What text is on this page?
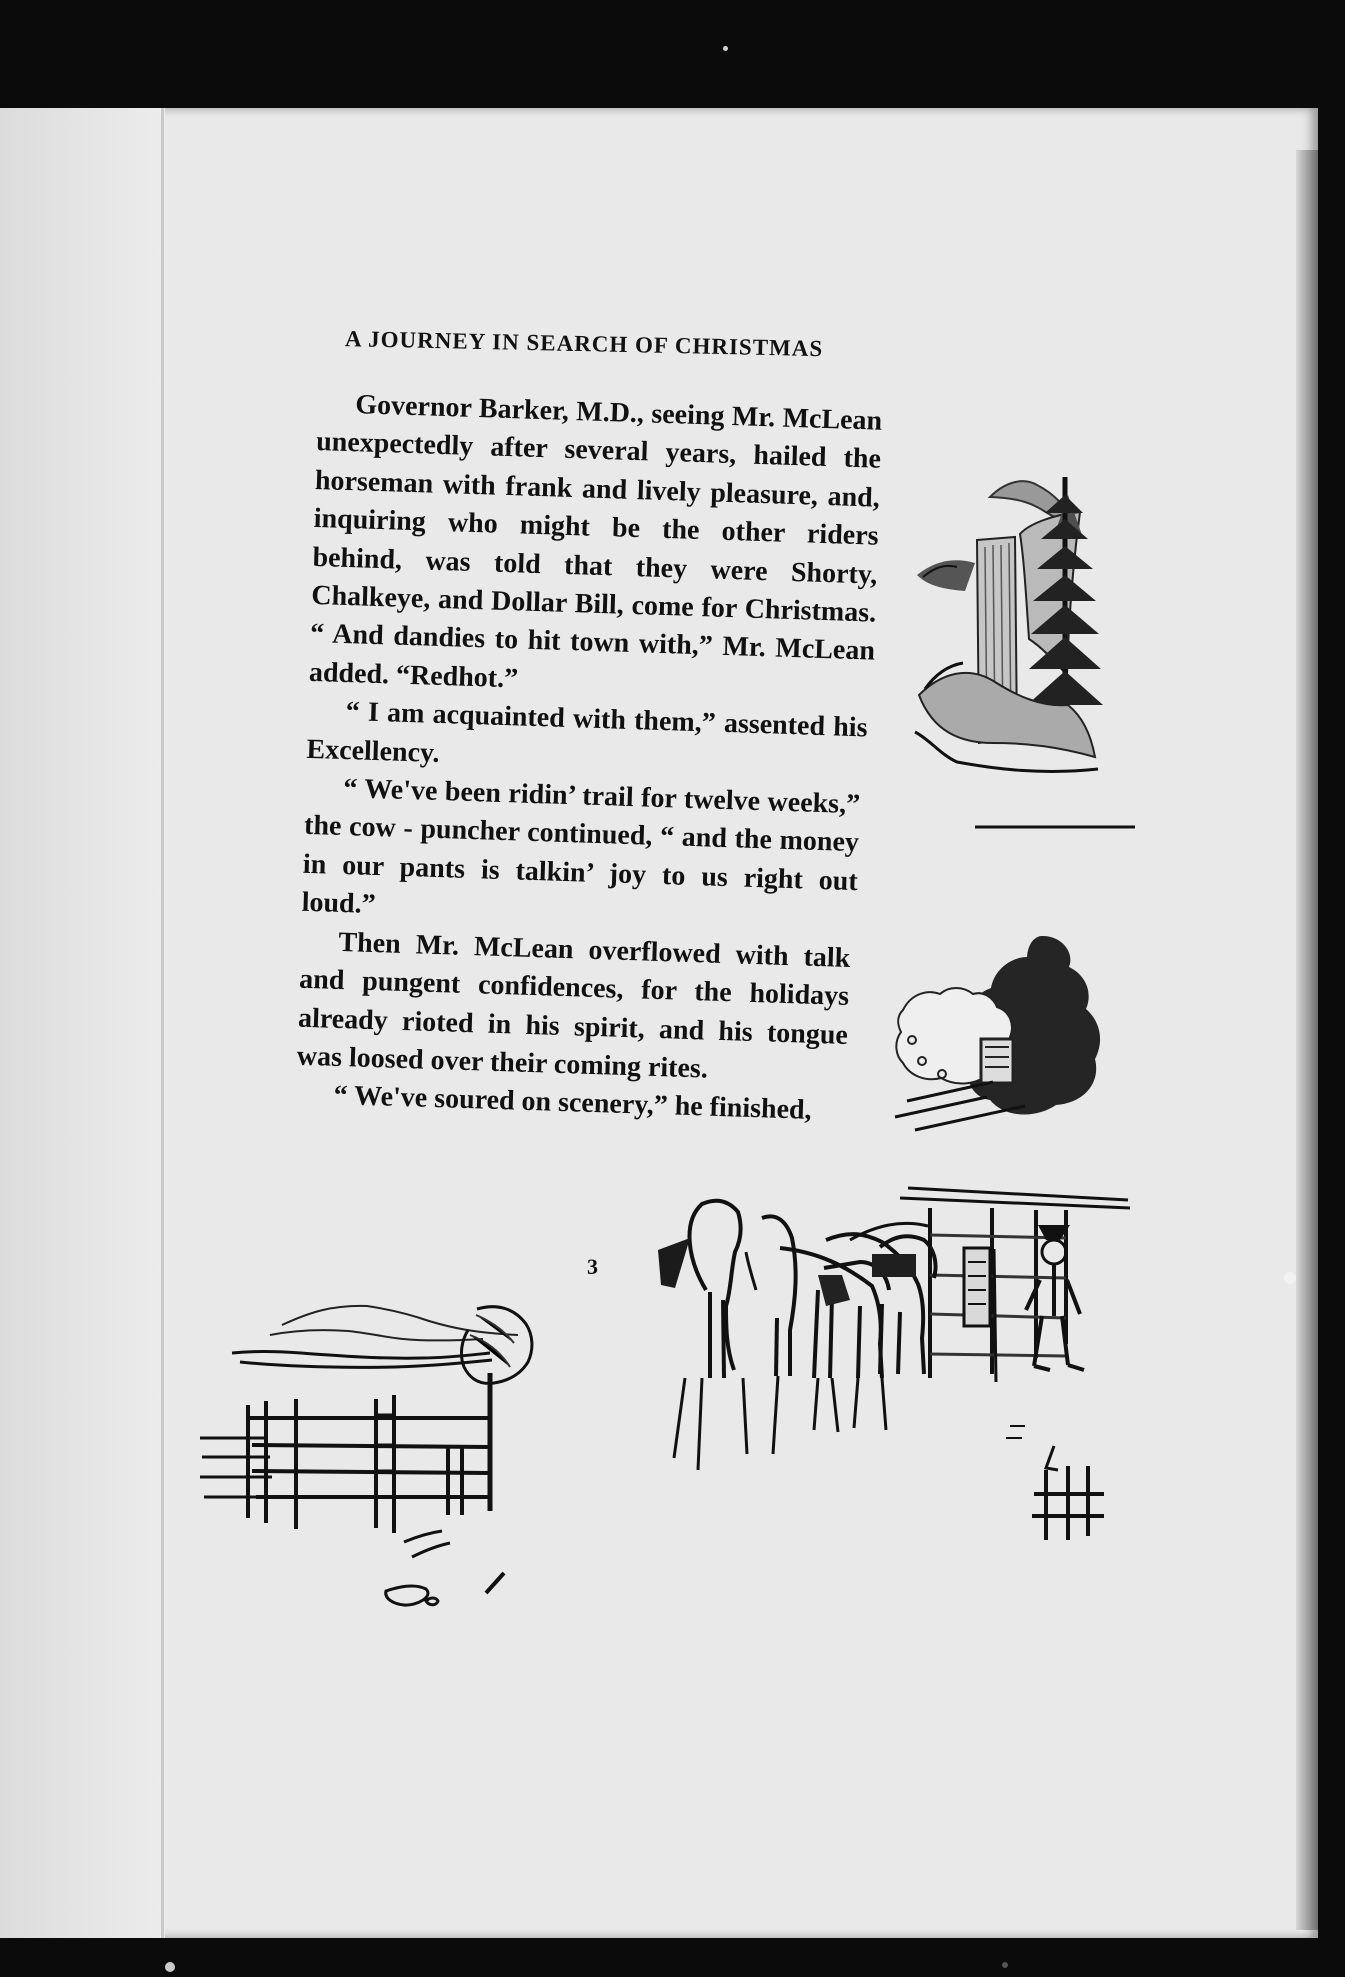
A JOURNEY IN SEARCH OF CHRISTMAS

Governor Barker, M.D., seeing Mr. McLean unexpectedly after several years, hailed the horseman with frank and lively pleasure, and, inquiring who might be the other riders behind, was told that they were Shorty, Chalkeye, and Dollar Bill, come for Christmas. “ And dandies to hit town with,” Mr. McLean added. “Redhot.”

“ I am acquainted with them,” assented his Excellency.

“ We've been ridin’ trail for twelve weeks,” the cow - puncher continued, “ and the money in our pants is talkin’ joy to us right out loud.”

Then Mr. McLean overflowed with talk and pungent confidences, for the holidays already rioted in his spirit, and his tongue was loosed over their coming rites.

“ We've soured on scenery,” he finished,

3
